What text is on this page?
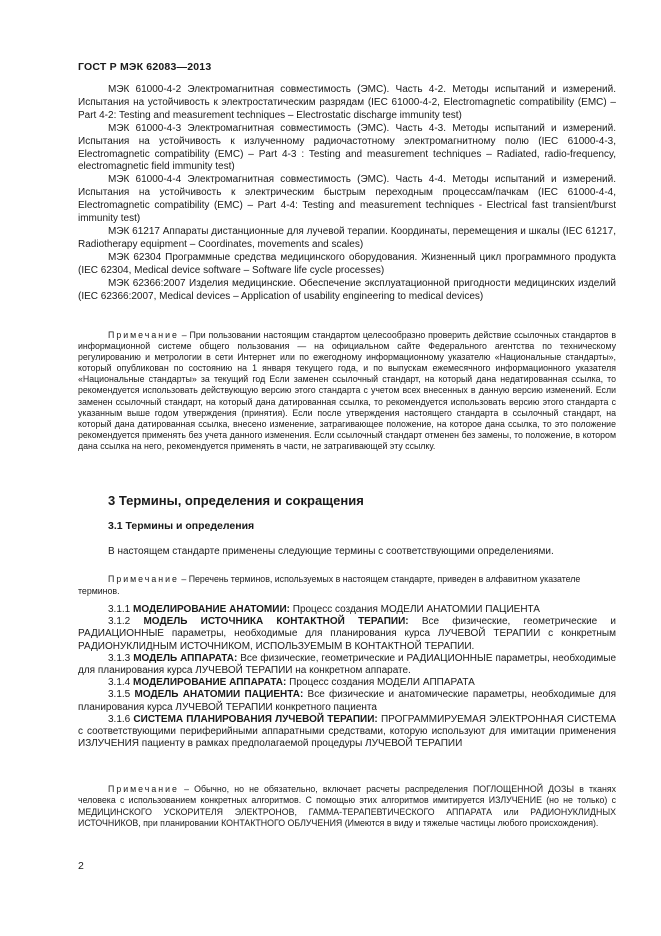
ГОСТ Р МЭК 62083—2013

МЭК 61000-4-2 Электромагнитная совместимость (ЭМС). Часть 4-2. Методы испытаний и измерений. Испытания на устойчивость к электростатическим разрядам (IEC 61000-4-2, Electromagnetic compatibility (EMC) – Part 4-2: Testing and measurement techniques – Electrostatic discharge immunity test)

МЭК 61000-4-3 Электромагнитная совместимость (ЭМС). Часть 4-3. Методы испытаний и измерений. Испытания на устойчивость к излученному радиочастотному электромагнитному полю (IEC 61000-4-3, Electromagnetic compatibility (EMC) – Part 4-3 : Testing and measurement techniques – Radiated, radio-frequency, electromagnetic field immunity test)

МЭК 61000-4-4 Электромагнитная совместимость (ЭМС). Часть 4-4. Методы испытаний и измерений. Испытания на устойчивость к электрическим быстрым переходным процессам/пачкам (IEC 61000-4-4, Electromagnetic compatibility (EMC) – Part 4-4: Testing and measurement techniques - Electrical fast transient/burst immunity test)

МЭК 61217 Аппараты дистанционные для лучевой терапии. Координаты, перемещения и шкалы (IEC 61217, Radiotherapy equipment – Coordinates, movements and scales)

МЭК 62304 Программные средства медицинского оборудования. Жизненный цикл программного продукта (IEC 62304, Medical device software – Software life cycle processes)

МЭК 62366:2007 Изделия медицинские. Обеспечение эксплуатационной пригодности медицинских изделий (IEC 62366:2007, Medical devices – Application of usability engineering to medical devices)

Примечание – При пользовании настоящим стандартом целесообразно проверить действие ссылочных стандартов в информационной системе общего пользования — на официальном сайте Федерального агентства по техническому регулированию и метрологии в сети Интернет или по ежегодному информационному указателю «Национальные стандарты», который опубликован по состоянию на 1 января текущего года, и по выпускам ежемесячного информационного указателя «Национальные стандарты» за текущий год Если заменен ссылочный стандарт, на который дана недатированная ссылка, то рекомендуется использовать действующую версию этого стандарта с учетом всех внесенных в данную версию изменений. Если заменен ссылочный стандарт, на который дана датированная ссылка, то рекомендуется использовать версию этого стандарта с указанным выше годом утверждения (принятия). Если после утверждения настоящего стандарта в ссылочный стандарт, на который дана датированная ссылка, внесено изменение, затрагивающее положение, на которое дана ссылка, то это положение рекомендуется применять без учета данного изменения. Если ссылочный стандарт отменен без замены, то положение, в котором дана ссылка на него, рекомендуется применять в части, не затрагивающей эту ссылку.

3 Термины, определения и сокращения
3.1 Термины и определения
В настоящем стандарте применены следующие термины с соответствующими определениями.

Примечание – Перечень терминов, используемых в настоящем стандарте, приведен в алфавитном указателе терминов.

3.1.1 МОДЕЛИРОВАНИЕ АНАТОМИИ: Процесс создания МОДЕЛИ АНАТОМИИ ПАЦИЕНТА

3.1.2 МОДЕЛЬ ИСТОЧНИКА КОНТАКТНОЙ ТЕРАПИИ: Все физические, геометрические и РАДИАЦИОННЫЕ параметры, необходимые для планирования курса ЛУЧЕВОЙ ТЕРАПИИ с конкретным РАДИОНУКЛИДНЫМ ИСТОЧНИКОМ, ИСПОЛЬЗУЕМЫМ В КОНТАКТНОЙ ТЕРАПИИ.

3.1.3 МОДЕЛЬ АППАРАТА: Все физические, геометрические и РАДИАЦИОННЫЕ параметры, необходимые для планирования курса ЛУЧЕВОЙ ТЕРАПИИ на конкретном аппарате.

3.1.4 МОДЕЛИРОВАНИЕ АППАРАТА: Процесс создания МОДЕЛИ АППАРАТА

3.1.5 МОДЕЛЬ АНАТОМИИ ПАЦИЕНТА: Все физические и анатомические параметры, необходимые для планирования курса ЛУЧЕВОЙ ТЕРАПИИ конкретного пациента

3.1.6 СИСТЕМА ПЛАНИРОВАНИЯ ЛУЧЕВОЙ ТЕРАПИИ: ПРОГРАММИРУЕМАЯ ЭЛЕКТРОННАЯ СИСТЕМА с соответствующими периферийными аппаратными средствами, которую используют для имитации применения ИЗЛУЧЕНИЯ пациенту в рамках предполагаемой процедуры ЛУЧЕВОЙ ТЕРАПИИ

Примечание – Обычно, но не обязательно, включает расчеты распределения ПОГЛОЩЕННОЙ ДОЗЫ в тканях человека с использованием конкретных алгоритмов. С помощью этих алгоритмов имитируется ИЗЛУЧЕНИЕ (но не только) с МЕДИЦИНСКОГО УСКОРИТЕЛЯ ЭЛЕКТРОНОВ, ГАММА-ТЕРАПЕВТИЧЕСКОГО АППАРАТА или РАДИОНУКЛИДНЫХ ИСТОЧНИКОВ, при планировании КОНТАКТНОГО ОБЛУЧЕНИЯ (Имеются в виду и тяжелые частицы любого происхождения).

2
